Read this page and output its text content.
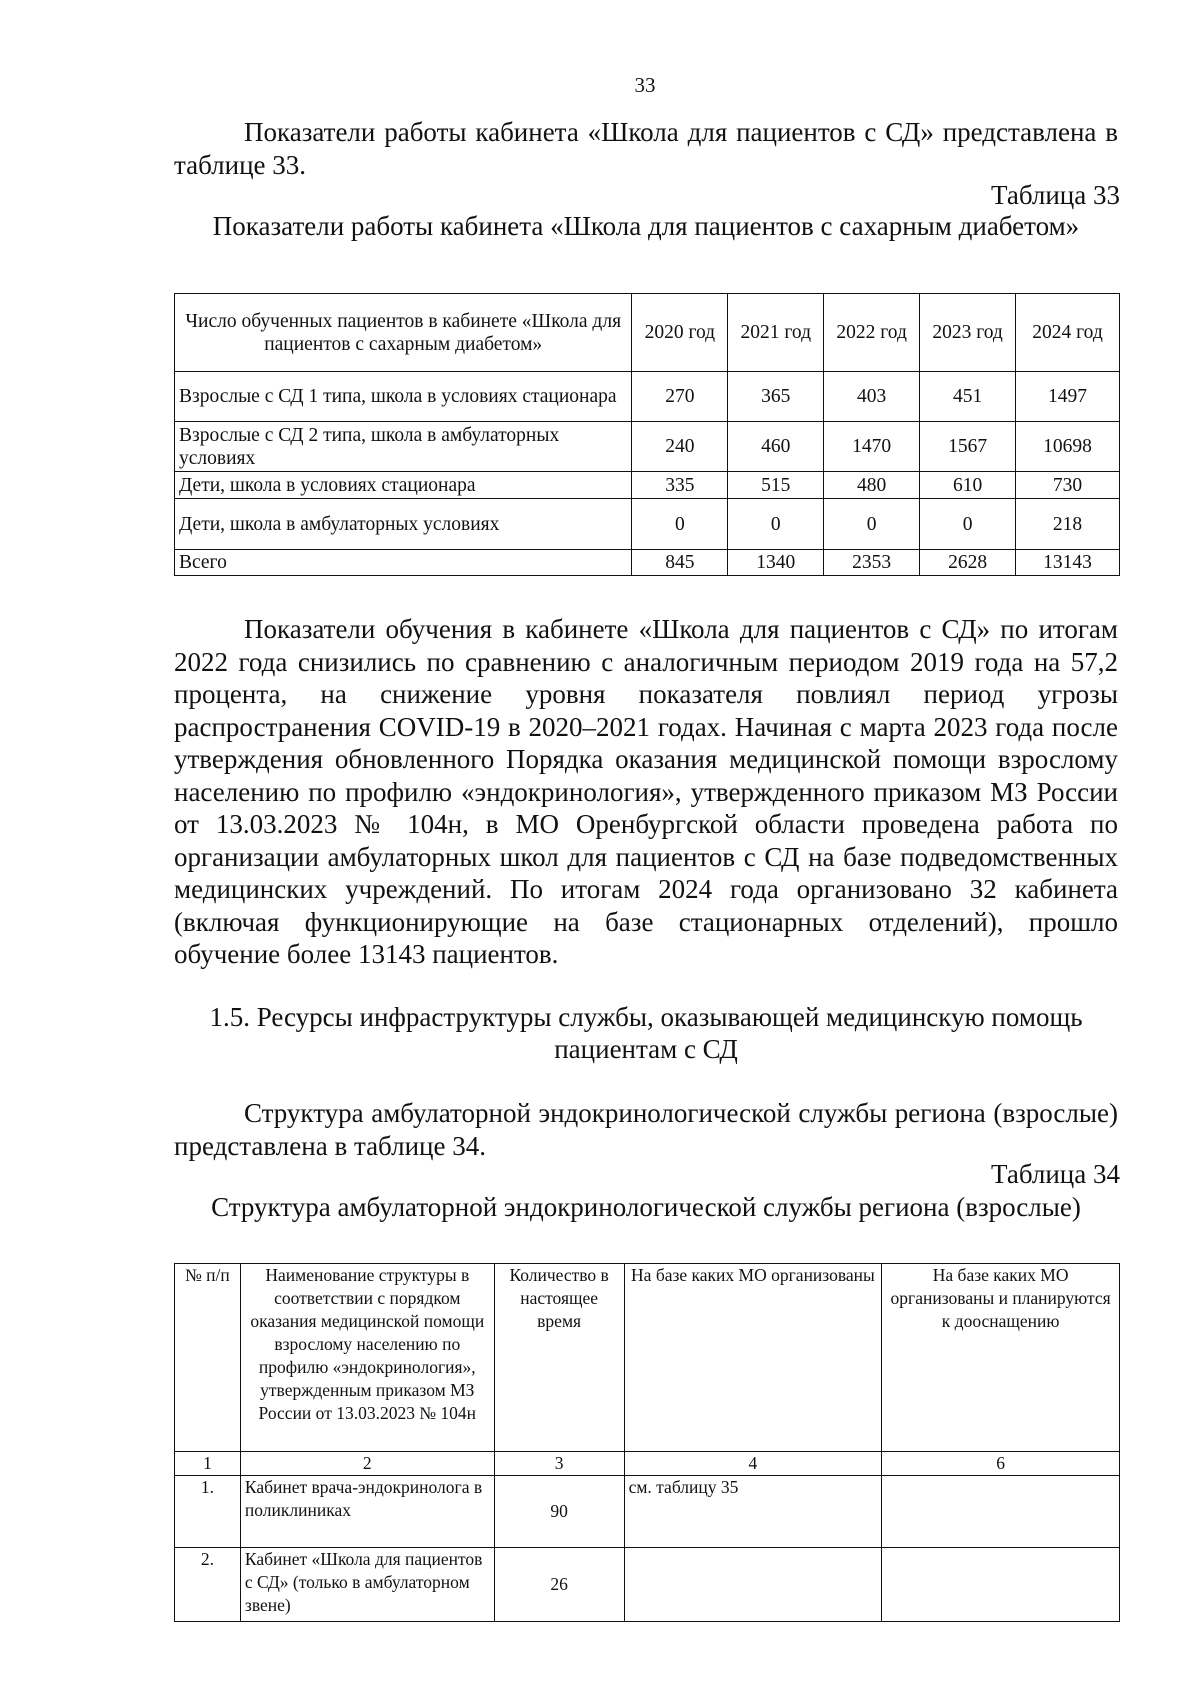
33

Показатели работы кабинета «Школа для пациентов с СД» представлена в таблице 33.

Таблица 33
Показатели работы кабинета «Школа для пациентов с сахарным диабетом»
Число обученных пациентов в кабинете «Школа для пациентов с сахарным диабетом»	2020 год	2021 год	2022 год	2023 год	2024 год
Взрослые с СД 1 типа, школа в условиях стационара	270	365	403	451	1497
Взрослые с СД 2 типа, школа в амбулаторных условиях	240	460	1470	1567	10698
Дети, школа в условиях стационара	335	515	480	610	730
Дети, школа в амбулаторных условиях	0	0	0	0	218
Всего	845	1340	2353	2628	13143

Показатели обучения в кабинете «Школа для пациентов с СД» по итогам 2022 года снизились по сравнению с аналогичным периодом 2019 года на 57,2 процента, на снижение уровня показателя повлиял период угрозы распространения COVID-19 в 2020–2021 годах. Начиная с марта 2023 года после утверждения обновленного Порядка оказания медицинской помощи взрослому населению по профилю «эндокринология», утвержденного приказом МЗ России от 13.03.2023 № 104н, в МО Оренбургской области проведена работа по организации амбулаторных школ для пациентов с СД на базе подведомственных медицинских учреждений. По итогам 2024 года организовано 32 кабинета (включая функционирующие на базе стационарных отделений), прошло обучение более 13143 пациентов.

1.5. Ресурсы инфраструктуры службы, оказывающей медицинскую помощь пациентам с СД

Структура амбулаторной эндокринологической службы региона (взрослые) представлена в таблице 34.

Таблица 34
Структура амбулаторной эндокринологической службы региона (взрослые)
№ п/п	Наименование структуры в соответствии с порядком оказания медицинской помощи взрослому населению по профилю «эндокринология», утвержденным приказом МЗ России от 13.03.2023 № 104н	Количество в настоящее время	На базе каких МО организованы	На базе каких МО организованы и планируются к дооснащению
1	2	3	4	6
1.	Кабинет врача-эндокринолога в поликлиниках	90	см. таблицу 35	
2.	Кабинет «Школа для пациентов с СД» (только в амбулаторном звене)	26		
